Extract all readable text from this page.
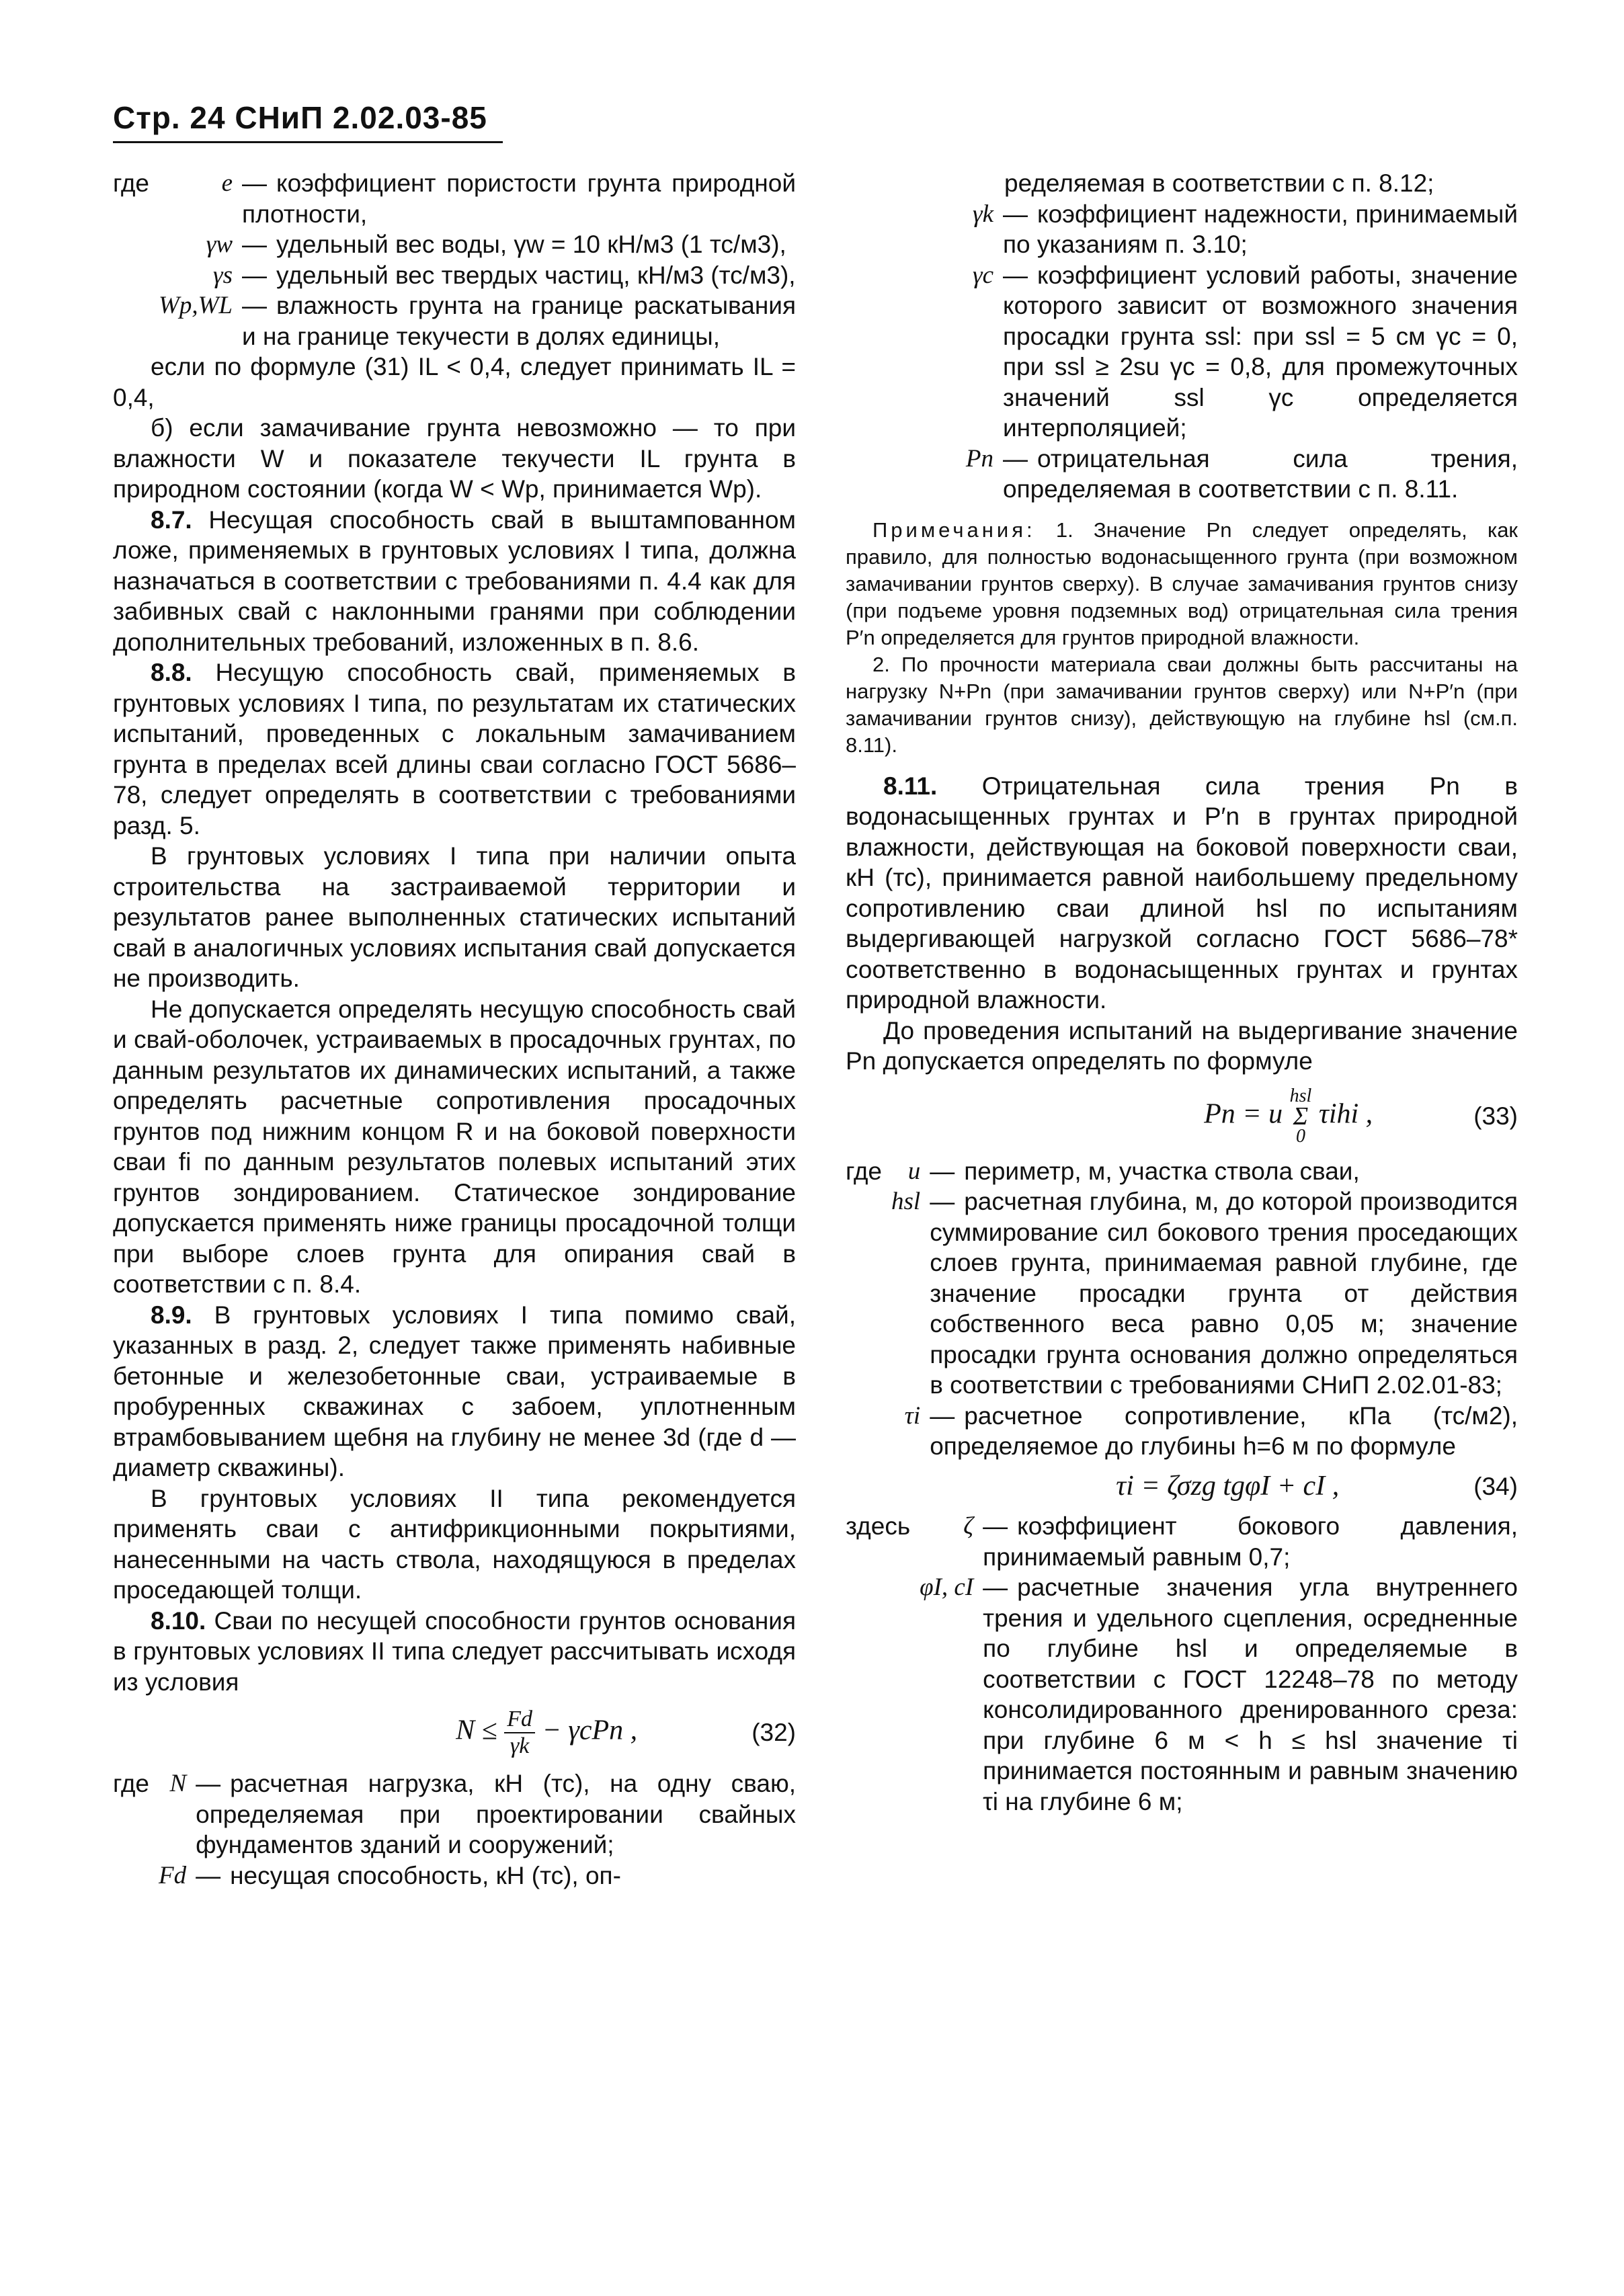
Стр. 24 СНиП 2.02.03-85
где	e — коэффициент пористости грунта природной плотности,
γw — удельный вес воды, γw = 10 кН/м3 (1 тс/м3),
γs — удельный вес твердых частиц, кН/м3 (тс/м3),
Wp,WL — влажность грунта на границе раскатывания и на границе текучести в долях единицы,

если по формуле (31) IL < 0,4, следует принимать IL = 0,4,

б) если замачивание грунта невозможно — то при влажности W и показателе текучести IL грунта в природном состоянии (когда W < Wp, принимается Wp).

8.7. Несущая способность свай в выштампованном ложе, применяемых в грунтовых условиях I типа, должна назначаться в соответствии с требованиями п. 4.4 как для забивных свай с наклонными гранями при соблюдении дополнительных требований, изложенных в п. 8.6.

8.8. Несущую способность свай, применяемых в грунтовых условиях I типа, по результатам их статических испытаний, проведенных с локальным замачиванием грунта в пределах всей длины сваи согласно ГОСТ 5686–78, следует определять в соответствии с требованиями разд. 5.

В грунтовых условиях I типа при наличии опыта строительства на застраиваемой территории и результатов ранее выполненных статических испытаний свай в аналогичных условиях испытания свай допускается не производить.

Не допускается определять несущую способность свай и свай-оболочек, устраиваемых в просадочных грунтах, по данным результатов их динамических испытаний, а также определять расчетные сопротивления просадочных грунтов под нижним концом R и на боковой поверхности сваи fi по данным результатов полевых испытаний этих грунтов зондированием. Статическое зондирование допускается применять ниже границы просадочной толщи при выборе слоев грунта для опирания свай в соответствии с п. 8.4.

8.9. В грунтовых условиях I типа помимо свай, указанных в разд. 2, следует также применять набивные бетонные и железобетонные сваи, устраиваемые в пробуренных скважинах с забоем, уплотненным втрамбовыванием щебня на глубину не менее 3d (где d — диаметр скважины).

В грунтовых условиях II типа рекомендуется применять сваи с антифрикционными покрытиями, нанесенными на часть ствола, находящуюся в пределах проседающей толщи.

8.10. Сваи по несущей способности грунтов основания в грунтовых условиях II типа следует рассчитывать исходя из условия

$N \le \frac{Fd}{\gamma k} - \gamma cPn$ ,	(32)
где N — расчетная нагрузка, кН (тс), на одну сваю, определяемая при проектировании свайных фундаментов зданий и сооружений;
Fd — несущая способность, кН (тс), оп-

ределяемая в соответствии с п. 8.12;

γk — коэффициент надежности, принимаемый по указаниям п. 3.10;
γc — коэффициент условий работы, значение которого зависит от возможного значения просадки грунта ssl: при ssl = 5 см γc = 0, при ssl ≥ 2su γc = 0,8, для промежуточных значений ssl γc определяется интерполяцией;
Pn — отрицательная сила трения, определяемая в соответствии с п. 8.11.

Примечания: 1. Значение Pn следует определять, как правило, для полностью водонасыщенного грунта (при возможном замачивании грунтов сверху). В случае замачивания грунтов снизу (при подъеме уровня подземных вод) отрицательная сила трения P′n определяется для грунтов природной влажности.

2. По прочности материала сваи должны быть рассчитаны на нагрузку N+Pn (при замачивании грунтов сверху) или N+P′n (при замачивании грунтов снизу), действующую на глубине hsl (см.п. 8.11).

8.11. Отрицательная сила трения Pn в водонасыщенных грунтах и P′n в грунтах природной влажности, действующая на боковой поверхности сваи, кН (тс), принимается равной наибольшему предельному сопротивлению сваи длиной hsl по испытаниям выдергивающей нагрузкой согласно ГОСТ 5686–78* соответственно в водонасыщенных грунтах и грунтах природной влажности.

До проведения испытаний на выдергивание значение Pn допускается определять по формуле

Pn = u
hsl
Σ
0
τihi ,	(33)
где	u — периметр, м, участка ствола сваи,
hsl — расчетная глубина, м, до которой производится суммирование сил бокового трения проседающих слоев грунта, принимаемая равной глубине, где значение просадки грунта от действия собственного веса равно 0,05 м; значение просадки грунта основания должно определяться в соответствии с требованиями СНиП 2.02.01-83;
τi — расчетное сопротивление, кПа (тс/м2), определяемое до глубины h=6 м по формуле
τi = ζσzg tgφI + cI ,	(34)
здесь	ζ — коэффициент бокового давления, принимаемый равным 0,7;
φI, cI — расчетные значения угла внутреннего трения и удельного сцепления, осредненные по глубине hsl и определяемые в соответствии с ГОСТ 12248–78 по методу консолидированного дренированного среза: при глубине 6 м < h ≤ hsl значение τi принимается постоянным и равным значению τi на глубине 6 м;
